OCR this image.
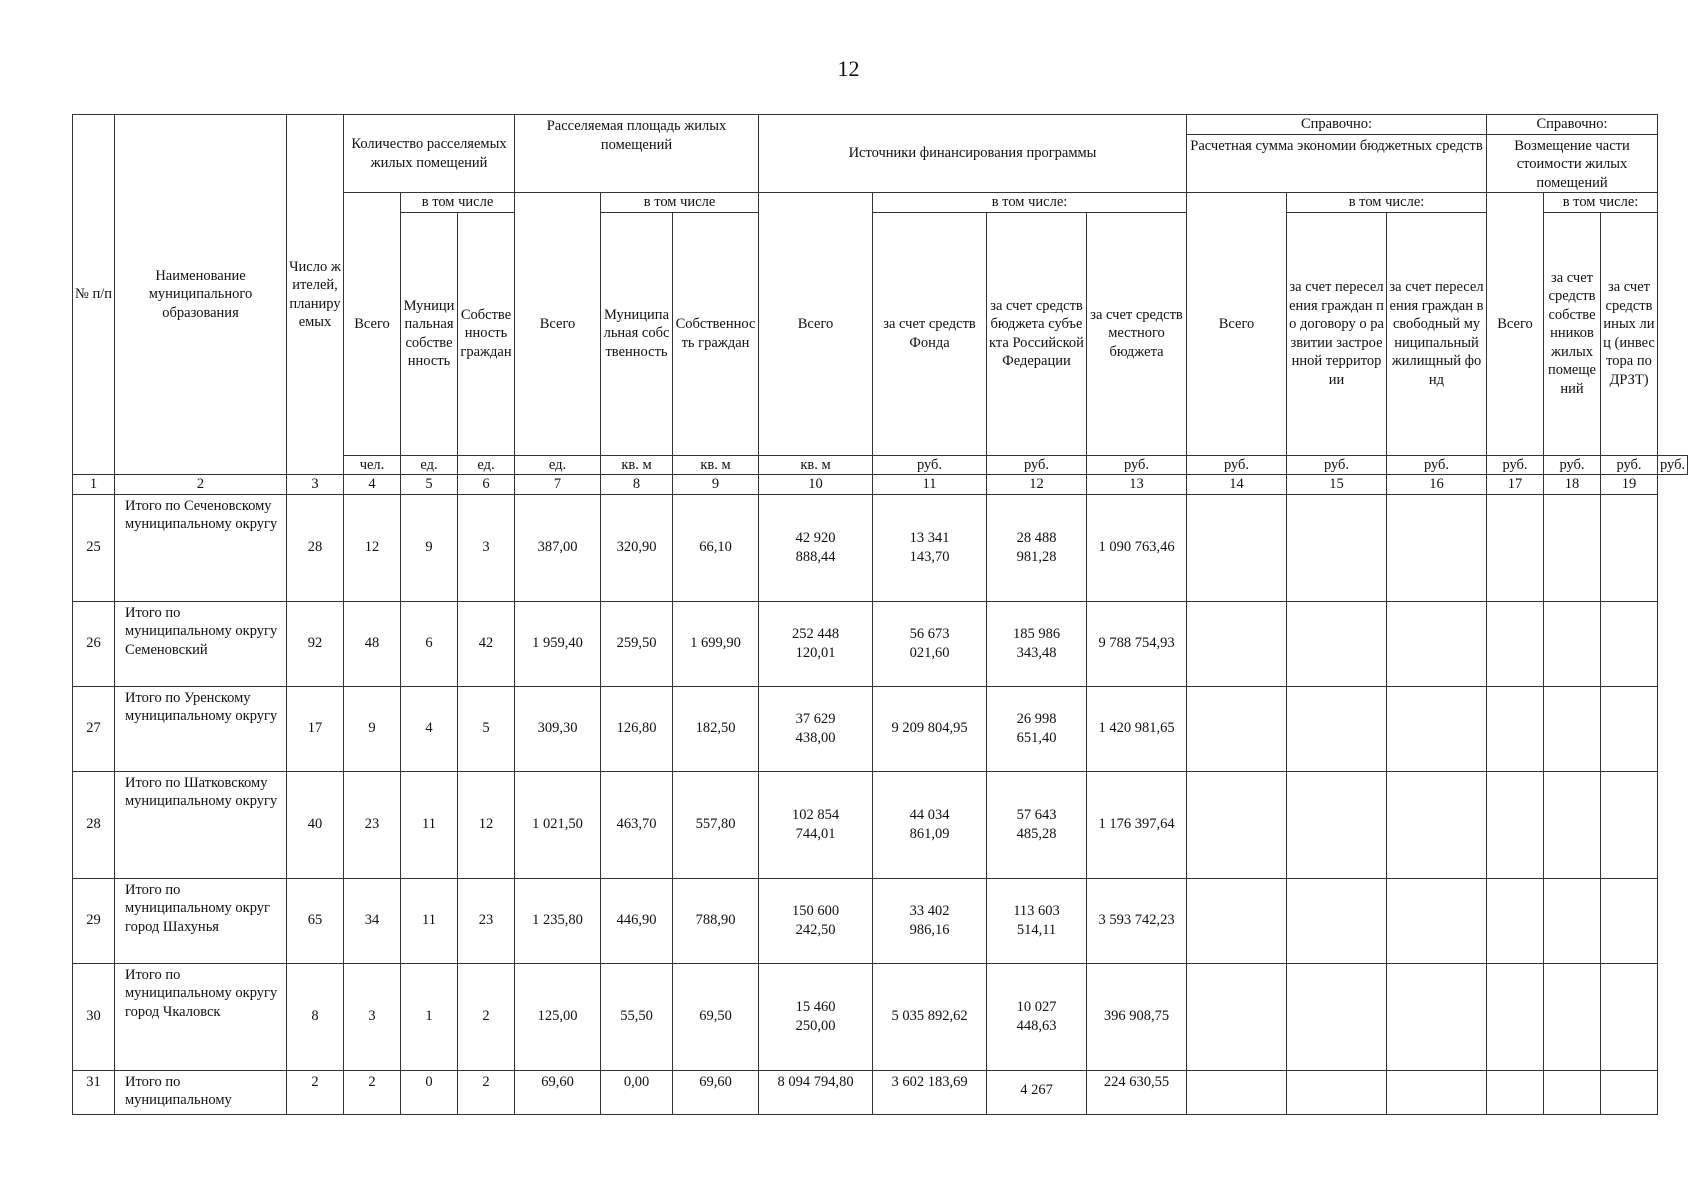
12
№ п/п	Наименование муниципального образования	Число жителей, планируемых	Количество расселяемых жилых помещений			Расселяемая площадь жилых помещений			Источники финансирования программы				Справочно:			Справочно:			
													Расчетная сумма экономии бюджетных средств			Возмещение части стоимости жилых помещений			
			Всего	в том числе		Всего	в том числе		Всего	в том числе:			Всего	в том числе:		Всего	в том числе:		
				Муниципальная собственность	Собственность граждан		Муниципальная собственность	Собственность граждан		за счет средств Фонда	за счет средств бюджета субъекта Российской Федерации	за счет средств местного бюджета		за счет переселения граждан по договору о развитии застроенной территории	за счет переселения граждан в свободный муниципальный жилищный фонд		за счет средств собственников жилых помещений	за счет средств иных лиц (инвестора по ДРЗТ)	
			чел.	ед.	ед.	ед.	кв. м	кв. м	кв. м	руб.	руб.	руб.	руб.	руб.	руб.	руб.	руб.	руб.	руб.
1	2	3	4	5	6	7	8	9	10	11	12	13	14	15	16	17	18	19	
25	Итого по Сеченовскому муниципальному округу	28	12	9	3	387,00	320,90	66,10	42 920 888,44	13 341 143,70	28 488 981,28	1 090 763,46							

26	Итого по муниципальному округу Семеновский	92	48	6	42	1 959,40	259,50	1 699,90	252 448 120,01	56 673 021,60	185 986 343,48	9 788 754,93							

27	Итого по Уренскому муниципальному округу	17	9	4	5	309,30	126,80	182,50	37 629 438,00	9 209 804,95	26 998 651,40	1 420 981,65							

28	Итого по Шатковскому муниципальному округу	40	23	11	12	1 021,50	463,70	557,80	102 854 744,01	44 034 861,09	57 643 485,28	1 176 397,64							

29	Итого по муниципальному округ город Шахунья	65	34	11	23	1 235,80	446,90	788,90	150 600 242,50	33 402 986,16	113 603 514,11	3 593 742,23							

30	Итого по муниципальному округу город Чкаловск	8	3	1	2	125,00	55,50	69,50	15 460 250,00	5 035 892,62	10 027 448,63	396 908,75							

31	Итого по муниципальному	2	2	0	2	69,60	0,00	69,60	8 094 794,80	3 602 183,69	4 267	224 630,55							
